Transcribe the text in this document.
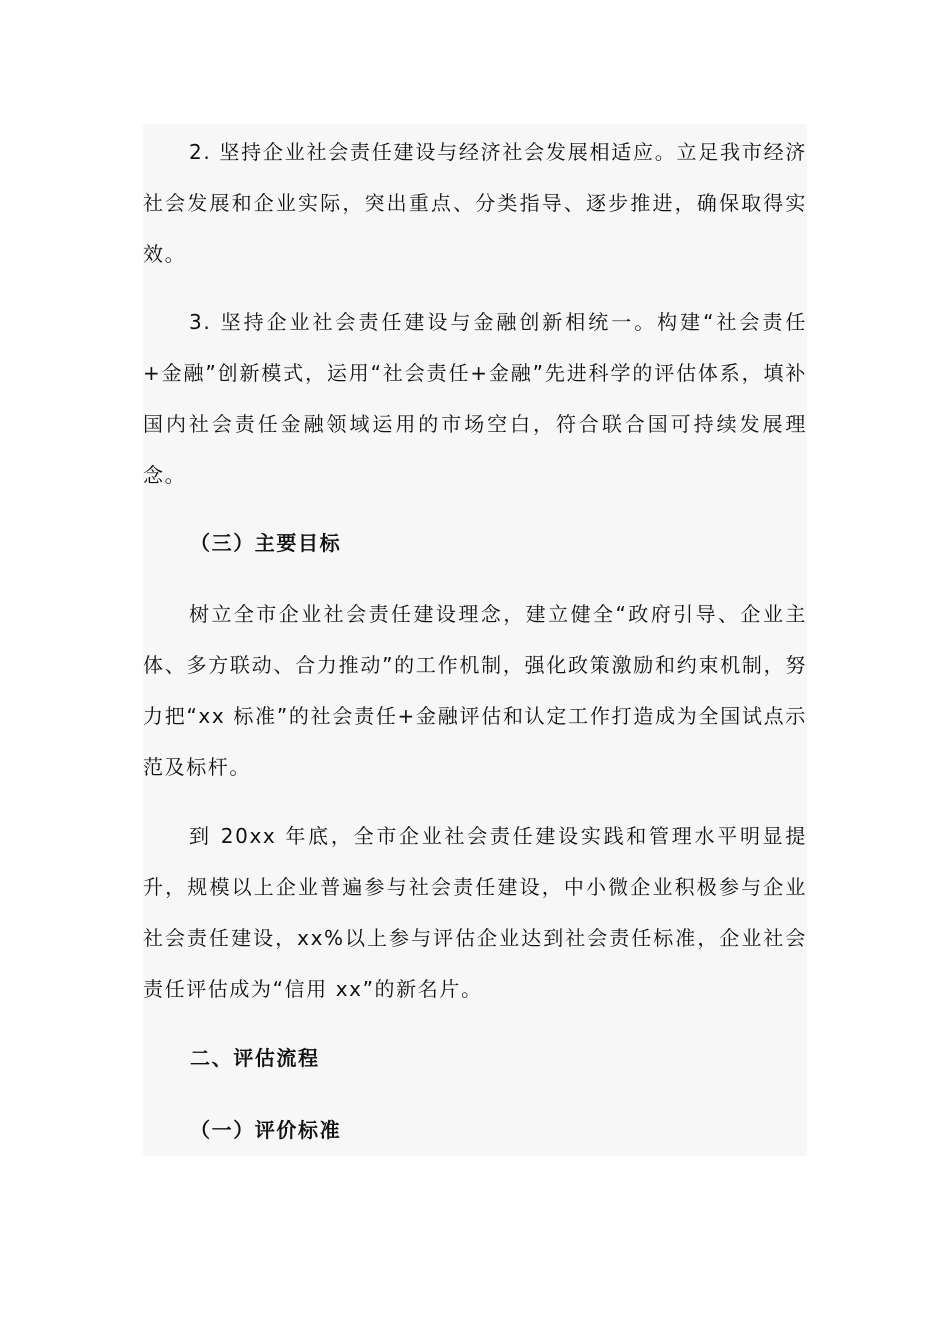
2. 坚持企业社会责任建设与经济社会发展相适应。立足我市经济社会发展和企业实际，突出重点、分类指导、逐步推进，确保取得实效。

3. 坚持企业社会责任建设与金融创新相统一。构建“社会责任+金融”创新模式，运用“社会责任+金融”先进科学的评估体系，填补国内社会责任金融领域运用的市场空白，符合联合国可持续发展理念。

（三）主要目标

树立全市企业社会责任建设理念，建立健全“政府引导、企业主体、多方联动、合力推动”的工作机制，强化政策激励和约束机制，努力把“xx 标准”的社会责任+金融评估和认定工作打造成为全国试点示范及标杆。

到 20xx 年底，全市企业社会责任建设实践和管理水平明显提升，规模以上企业普遍参与社会责任建设，中小微企业积极参与企业社会责任建设，xx%以上参与评估企业达到社会责任标准，企业社会责任评估成为“信用 xx”的新名片。

二、评估流程
（一）评价标准
